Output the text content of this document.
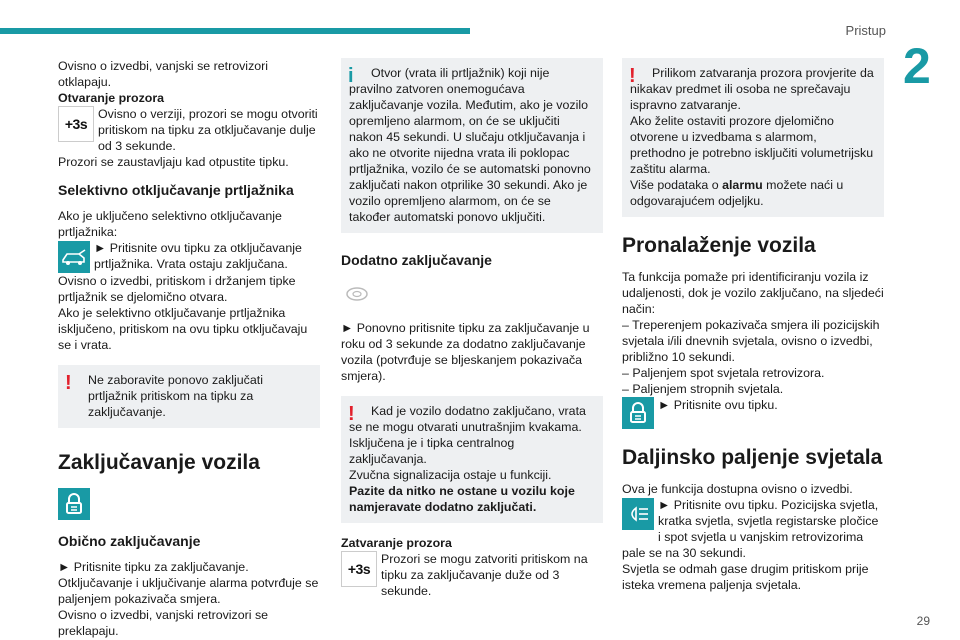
Pristup
2
29

Ovisno o izvedbi, vanjski se retrovizori otklapaju.

Otvaranje prozora

+3s

Ovisno o verziji, prozori se mogu otvoriti pritiskom na tipku za otključavanje dulje od 3 sekunde.

Prozori se zaustavljaju kad otpustite tipku.

Selektivno otključavanje prtljažnika

Ako je uključeno selektivno otključavanje prtljažnika:

► Pritisnite ovu tipku za otključavanje prtljažnika. Vrata ostaju zaključana.

Ovisno o izvedbi, pritiskom i držanjem tipke prtljažnik se djelomično otvara.

Ako je selektivno otključavanje prtljažnika isključeno, pritiskom na ovu tipku otključavaju se i vrata.

!	Ne zaboravite ponovo zaključati prtljažnik pritiskom na tipku za zaključavanje.

Zaključavanje vozila
Obično zaključavanje

► Pritisnite tipku za zaključavanje.

Otključavanje i uključivanje alarma potvrđuje se paljenjem pokazivača smjera.

Ovisno o izvedbi, vanjski retrovizori se preklapaju.

i	Otvor (vrata ili prtljažnik) koji nije pravilno zatvoren onemogućava zaključavanje vozila. Međutim, ako je vozilo opremljeno alarmom, on će se uključiti nakon 45 sekundi. U slučaju otključavanja i ako ne otvorite nijedna vrata ili poklopac prtljažnika, vozilo će se automatski ponovno zaključati nakon otprilike 30 sekundi. Ako je vozilo opremljeno alarmom, on će se također automatski ponovo uključiti.

Dodatno zaključavanje

► Ponovno pritisnite tipku za zaključavanje u roku od 3 sekunde za dodatno zaključavanje vozila (potvrđuje se bljeskanjem pokazivača smjera).

!	Kad je vozilo dodatno zaključano, vrata se ne mogu otvarati unutrašnjim kvakama. Isključena je i tipka centralnog zaključavanja.

Zvučna signalizacija ostaje u funkciji.

Pazite da nitko ne ostane u vozilu koje namjeravate dodatno zaključati.

Zatvaranje prozora

+3s

Prozori se mogu zatvoriti pritiskom na tipku za zaključavanje duže od 3 sekunde.

!	Prilikom zatvaranja prozora provjerite da nikakav predmet ili osoba ne sprečavaju ispravno zatvaranje.

Ako želite ostaviti prozore djelomično otvorene u izvedbama s alarmom, prethodno je potrebno isključiti volumetrijsku zaštitu alarma.

Više podataka o alarmu možete naći u odgovarajućem odjeljku.

Pronalaženje vozila

Ta funkcija pomaže pri identificiranju vozila iz udaljenosti, dok je vozilo zaključano, na sljedeći način:

– Treperenjem pokazivača smjera ili pozicijskih svjetala i/ili dnevnih svjetala, ovisno o izvedbi, približno 10 sekundi.

– Paljenjem spot svjetala retrovizora.

– Paljenjem stropnih svjetala.

► Pritisnite ovu tipku.

Daljinsko paljenje svjetala

Ova je funkcija dostupna ovisno o izvedbi.

► Pritisnite ovu tipku. Pozicijska svjetla, kratka svjetla, svjetla registarske pločice i spot svjetla u vanjskim retrovizorima pale se na 30 sekundi.

Svjetla se odmah gase drugim pritiskom prije isteka vremena paljenja svjetala.
